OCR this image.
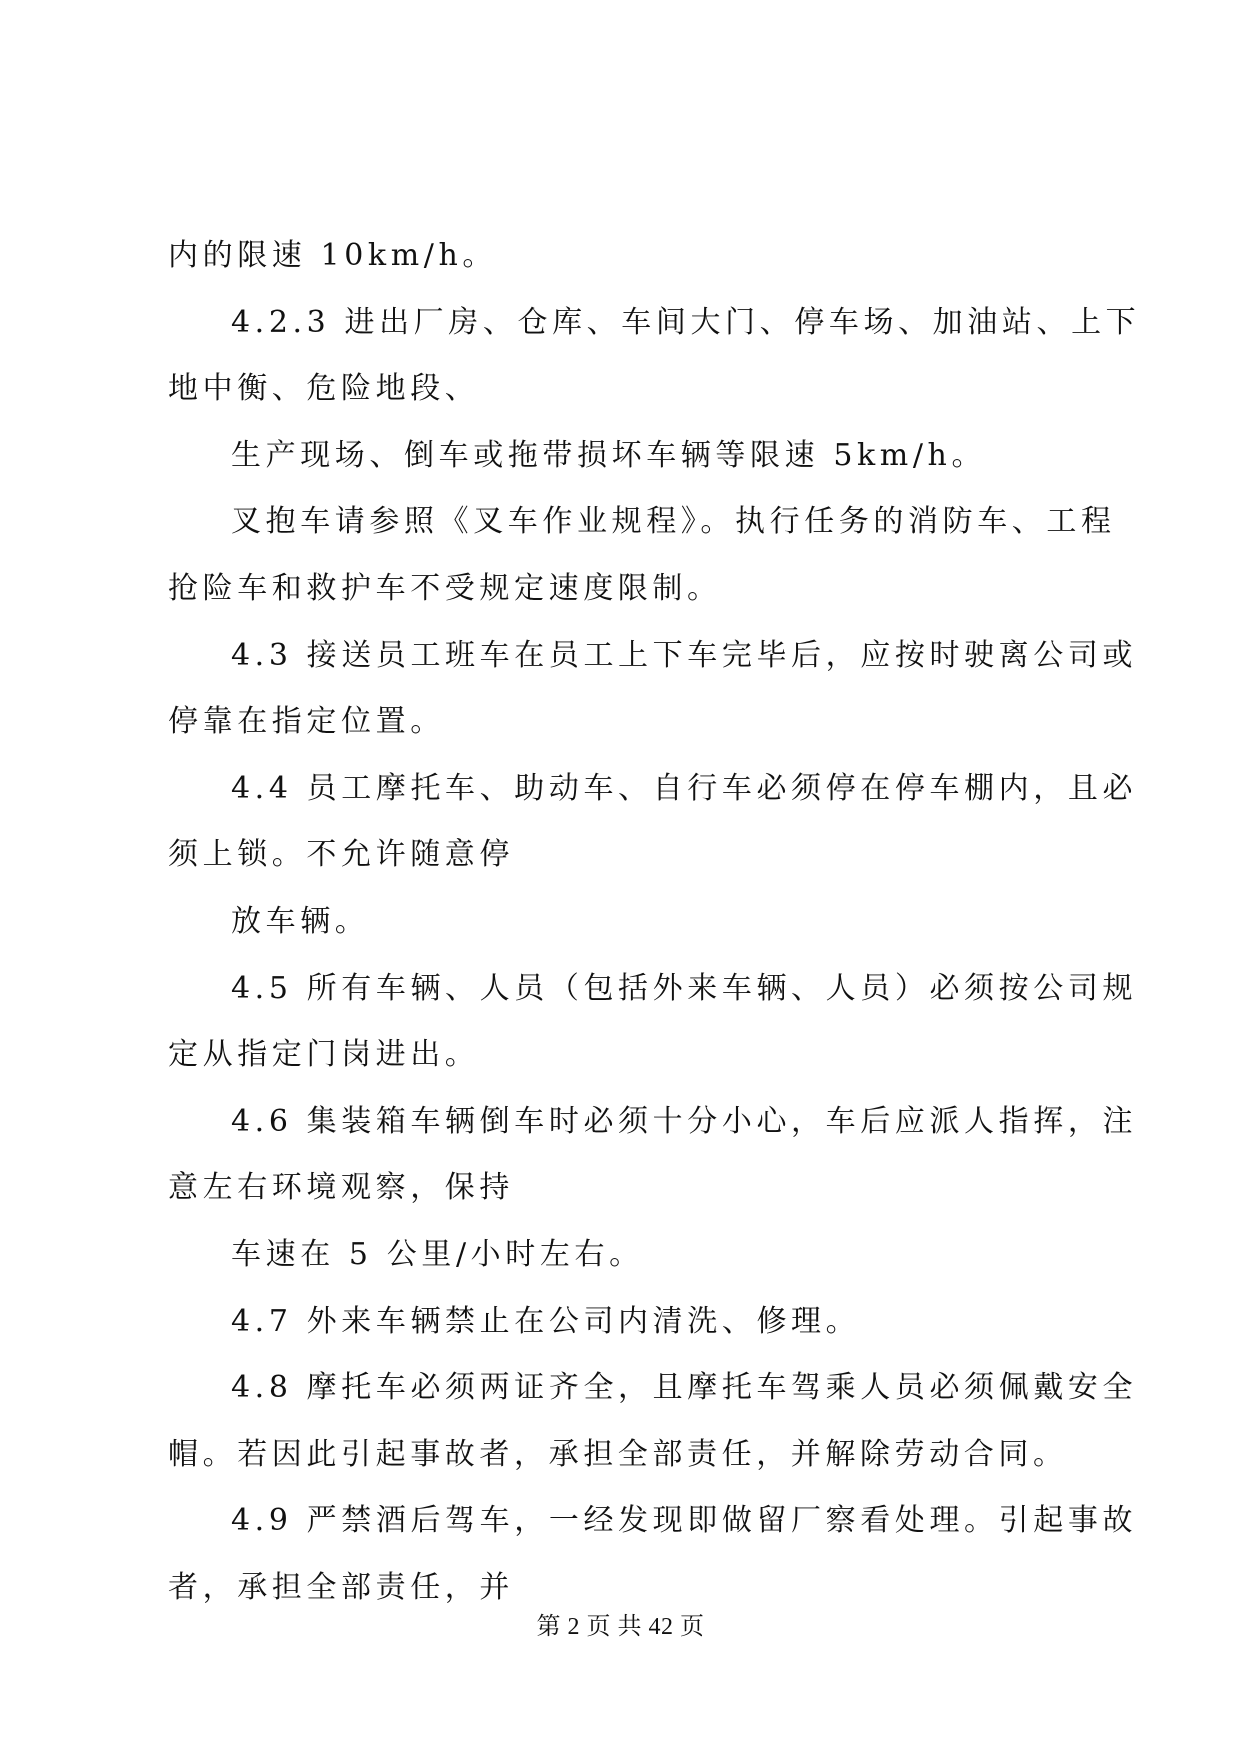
内的限速 10km/h。
4.2.3 进出厂房、仓库、车间大门、停车场、加油站、上下
地中衡、危险地段、
生产现场、倒车或拖带损坏车辆等限速 5km/h。
叉抱车请参照《叉车作业规程》。执行任务的消防车、工程
抢险车和救护车不受规定速度限制。
4.3 接送员工班车在员工上下车完毕后，应按时驶离公司或
停靠在指定位置。
4.4 员工摩托车、助动车、自行车必须停在停车棚内，且必
须上锁。不允许随意停
放车辆。
4.5 所有车辆、人员（包括外来车辆、人员）必须按公司规
定从指定门岗进出。
4.6 集装箱车辆倒车时必须十分小心，车后应派人指挥，注
意左右环境观察，保持
车速在 5 公里/小时左右。
4.7 外来车辆禁止在公司内清洗、修理。
4.8 摩托车必须两证齐全，且摩托车驾乘人员必须佩戴安全
帽。若因此引起事故者，承担全部责任，并解除劳动合同。
4.9 严禁酒后驾车，一经发现即做留厂察看处理。引起事故
者，承担全部责任，并
第 2 页 共 42 页
